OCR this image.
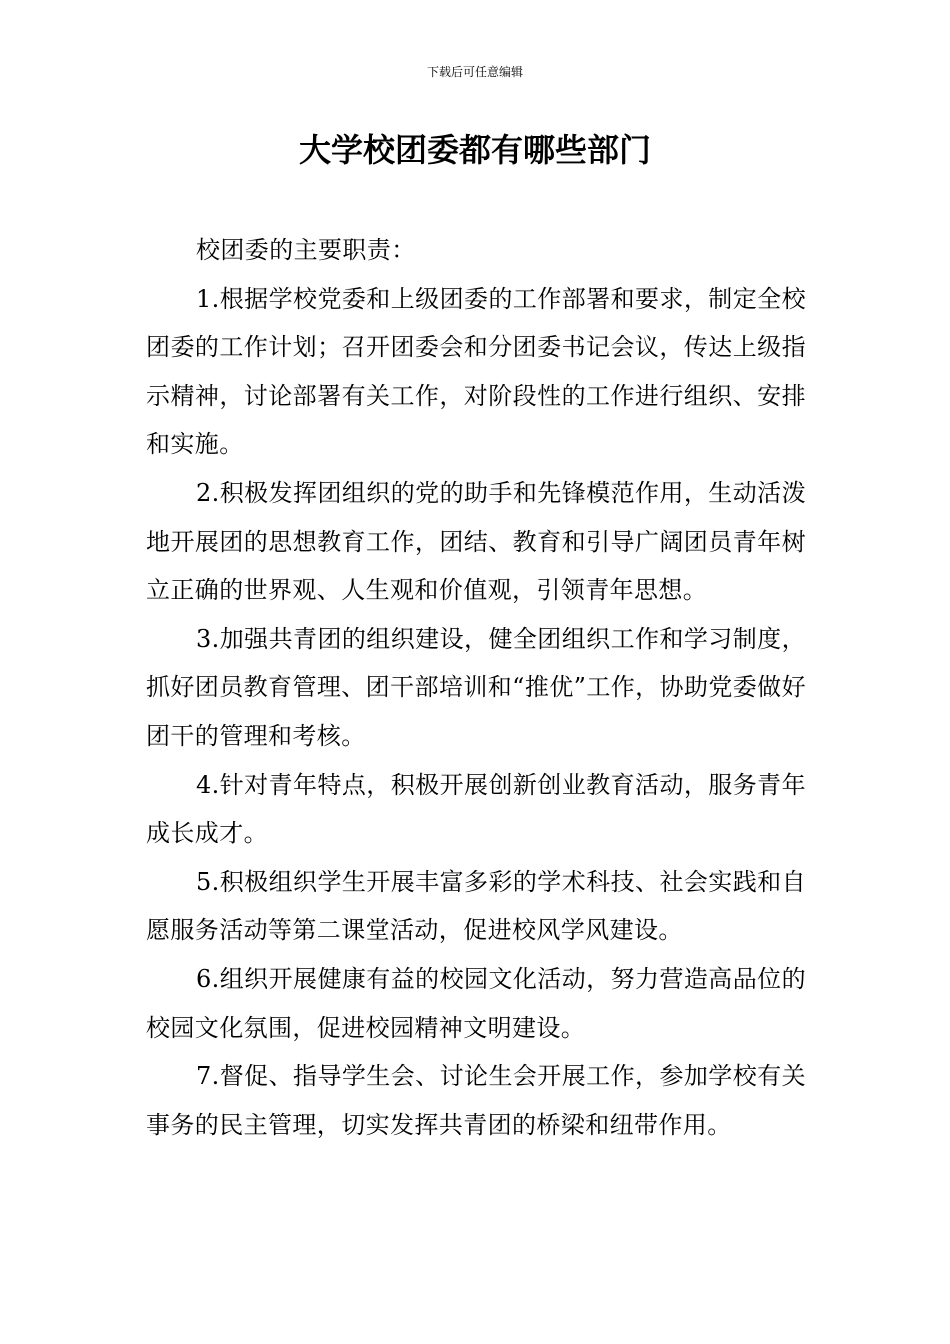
下载后可任意编辑
大学校团委都有哪些部门

校团委的主要职责：

1.根据学校党委和上级团委的工作部署和要求，制定全校团委的工作计划；召开团委会和分团委书记会议，传达上级指示精神，讨论部署有关工作，对阶段性的工作进行组织、安排和实施。

2.积极发挥团组织的党的助手和先锋模范作用，生动活泼地开展团的思想教育工作，团结、教育和引导广阔团员青年树立正确的世界观、人生观和价值观，引领青年思想。

3.加强共青团的组织建设，健全团组织工作和学习制度，抓好团员教育管理、团干部培训和“推优”工作，协助党委做好团干的管理和考核。

4.针对青年特点，积极开展创新创业教育活动，服务青年成长成才。

5.积极组织学生开展丰富多彩的学术科技、社会实践和自愿服务活动等第二课堂活动，促进校风学风建设。

6.组织开展健康有益的校园文化活动，努力营造高品位的校园文化氛围，促进校园精神文明建设。

7.督促、指导学生会、讨论生会开展工作，参加学校有关事务的民主管理，切实发挥共青团的桥梁和纽带作用。
